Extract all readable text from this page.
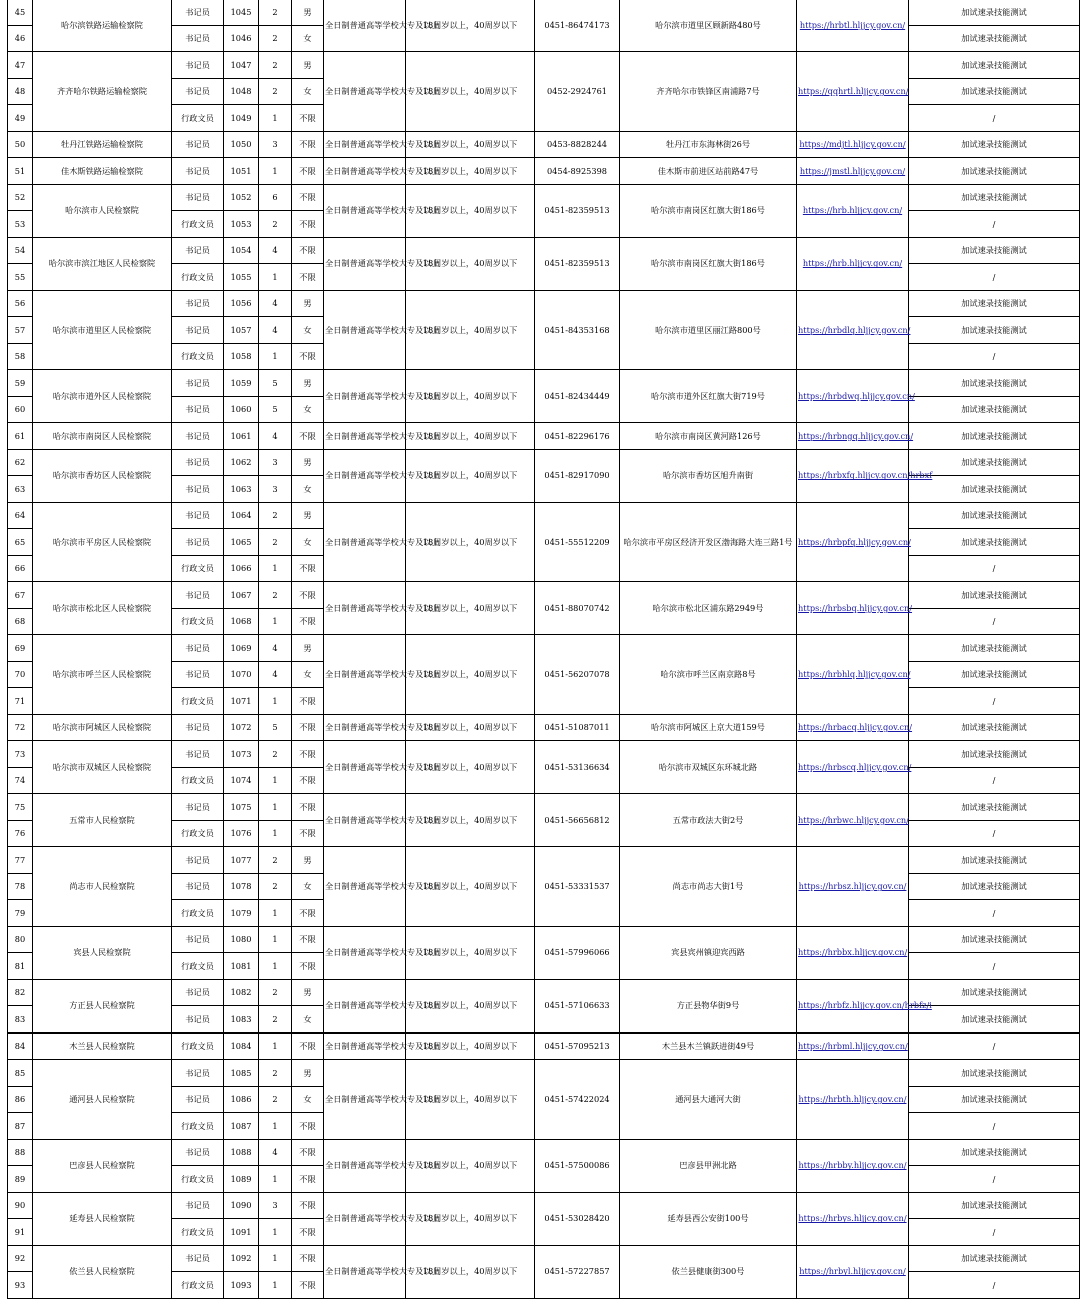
45	哈尔滨铁路运输检察院	书记员	1045	2	男	全日制普通高等学校大专及以上	18周岁以上，40周岁以下	0451-86474173	哈尔滨市道里区顾新路480号	https://hrbtl.hljjcy.gov.cn/	加试速录技能测试
46		书记员	1046	2	女						加试速录技能测试
47	齐齐哈尔铁路运输检察院	书记员	1047	2	男	全日制普通高等学校大专及以上	18周岁以上，40周岁以下	0452-2924761	齐齐哈尔市铁锋区南浦路7号	https://qqhrtl.hljjcy.gov.cn/	加试速录技能测试
48		书记员	1048	2	女						加试速录技能测试
49		行政文员	1049	1	不限						/
50	牡丹江铁路运输检察院	书记员	1050	3	不限	全日制普通高等学校大专及以上	18周岁以上，40周岁以下	0453-8828244	牡丹江市东海林街26号	https://mdjtl.hljjcy.gov.cn/	加试速录技能测试
51	佳木斯铁路运输检察院	书记员	1051	1	不限	全日制普通高等学校大专及以上	18周岁以上，40周岁以下	0454-8925398	佳木斯市前进区站前路47号	https://jmstl.hljjcy.gov.cn/	加试速录技能测试
52	哈尔滨市人民检察院	书记员	1052	6	不限	全日制普通高等学校大专及以上	18周岁以上，40周岁以下	0451-82359513	哈尔滨市南岗区红旗大街186号	https://hrb.hljjcy.gov.cn/	加试速录技能测试
53		行政文员	1053	2	不限						/
54	哈尔滨市滨江地区人民检察院	书记员	1054	4	不限	全日制普通高等学校大专及以上	18周岁以上，40周岁以下	0451-82359513	哈尔滨市南岗区红旗大街186号	https://hrb.hljjcy.gov.cn/	加试速录技能测试
55		行政文员	1055	1	不限						/
56	哈尔滨市道里区人民检察院	书记员	1056	4	男	全日制普通高等学校大专及以上	18周岁以上，40周岁以下	0451-84353168	哈尔滨市道里区丽江路800号	https://hrbdlq.hljjcy.gov.cn/	加试速录技能测试
57		书记员	1057	4	女						加试速录技能测试
58		行政文员	1058	1	不限						/
59	哈尔滨市道外区人民检察院	书记员	1059	5	男	全日制普通高等学校大专及以上	18周岁以上，40周岁以下	0451-82434449	哈尔滨市道外区红旗大街719号	https://hrbdwq.hljjcy.gov.cn/	加试速录技能测试
60		书记员	1060	5	女						加试速录技能测试
61	哈尔滨市南岗区人民检察院	书记员	1061	4	不限	全日制普通高等学校大专及以上	18周岁以上，40周岁以下	0451-82296176	哈尔滨市南岗区黄河路126号	https://hrbngq.hljjcy.gov.cn/	加试速录技能测试
62	哈尔滨市香坊区人民检察院	书记员	1062	3	男	全日制普通高等学校大专及以上	18周岁以上，40周岁以下	0451-82917090	哈尔滨市香坊区旭升南街	https://hrbxfq.hljjcy.gov.cn/hrbxf	加试速录技能测试
63		书记员	1063	3	女						加试速录技能测试
64	哈尔滨市平房区人民检察院	书记员	1064	2	男	全日制普通高等学校大专及以上	18周岁以上，40周岁以下	0451-55512209	哈尔滨市平房区经济开发区渤海路大连三路1号	https://hrbpfq.hljjcy.gov.cn/	加试速录技能测试
65		书记员	1065	2	女						加试速录技能测试
66		行政文员	1066	1	不限						/
67	哈尔滨市松北区人民检察院	书记员	1067	2	不限	全日制普通高等学校大专及以上	18周岁以上，40周岁以下	0451-88070742	哈尔滨市松北区浦东路2949号	https://hrbsbq.hljjcy.gov.cn/	加试速录技能测试
68		行政文员	1068	1	不限						/
69	哈尔滨市呼兰区人民检察院	书记员	1069	4	男	全日制普通高等学校大专及以上	18周岁以上，40周岁以下	0451-56207078	哈尔滨市呼兰区南京路8号	https://hrbhlq.hljjcy.gov.cn/	加试速录技能测试
70		书记员	1070	4	女						加试速录技能测试
71		行政文员	1071	1	不限						/
72	哈尔滨市阿城区人民检察院	书记员	1072	5	不限	全日制普通高等学校大专及以上	18周岁以上，40周岁以下	0451-51087011	哈尔滨市阿城区上京大道159号	https://hrbacq.hljjcy.gov.cn/	加试速录技能测试
73	哈尔滨市双城区人民检察院	书记员	1073	2	不限	全日制普通高等学校大专及以上	18周岁以上，40周岁以下	0451-53136634	哈尔滨市双城区东环城北路	https://hrbscq.hljjcy.gov.cn/	加试速录技能测试
74		行政文员	1074	1	不限						/
75	五常市人民检察院	书记员	1075	1	不限	全日制普通高等学校大专及以上	18周岁以上，40周岁以下	0451-56656812	五常市政法大街2号	https://hrbwc.hljjcy.gov.cn/	加试速录技能测试
76		行政文员	1076	1	不限						/
77	尚志市人民检察院	书记员	1077	2	男	全日制普通高等学校大专及以上	18周岁以上，40周岁以下	0451-53331537	尚志市尚志大街1号	https://hrbsz.hljjcy.gov.cn/	加试速录技能测试
78		书记员	1078	2	女						加试速录技能测试
79		行政文员	1079	1	不限						/
80	宾县人民检察院	书记员	1080	1	不限	全日制普通高等学校大专及以上	18周岁以上，40周岁以下	0451-57996066	宾县宾州镇迎宾西路	https://hrbbx.hljjcy.gov.cn/	加试速录技能测试
81		行政文员	1081	1	不限						/
82	方正县人民检察院	书记员	1082	2	男	全日制普通高等学校大专及以上	18周岁以上，40周岁以下	0451-57106633	方正县物华街9号	https://hrbfz.hljjcy.gov.cn/hrbfz/i	加试速录技能测试
83		书记员	1083	2	女						加试速录技能测试
84	木兰县人民检察院	行政文员	1084	1	不限	全日制普通高等学校大专及以上	18周岁以上，40周岁以下	0451-57095213	木兰县木兰镇跃进街49号	https://hrbml.hljjcy.gov.cn/	/
85	通河县人民检察院	书记员	1085	2	男	全日制普通高等学校大专及以上	18周岁以上，40周岁以下	0451-57422024	通河县大通河大街	https://hrbth.hljjcy.gov.cn/	加试速录技能测试
86		书记员	1086	2	女						加试速录技能测试
87		行政文员	1087	1	不限						/
88	巴彦县人民检察院	书记员	1088	4	不限	全日制普通高等学校大专及以上	18周岁以上，40周岁以下	0451-57500086	巴彦县甲洲北路	https://hrbby.hljjcy.gov.cn/	加试速录技能测试
89		行政文员	1089	1	不限						/
90	延寿县人民检察院	书记员	1090	3	不限	全日制普通高等学校大专及以上	18周岁以上，40周岁以下	0451-53028420	延寿县西公安街100号	https://hrbys.hljjcy.gov.cn/	加试速录技能测试
91		行政文员	1091	1	不限						/
92	依兰县人民检察院	书记员	1092	1	不限	全日制普通高等学校大专及以上	18周岁以上，40周岁以下	0451-57227857	依兰县健康街300号	https://hrbyl.hljjcy.gov.cn/	加试速录技能测试
93		行政文员	1093	1	不限						/
